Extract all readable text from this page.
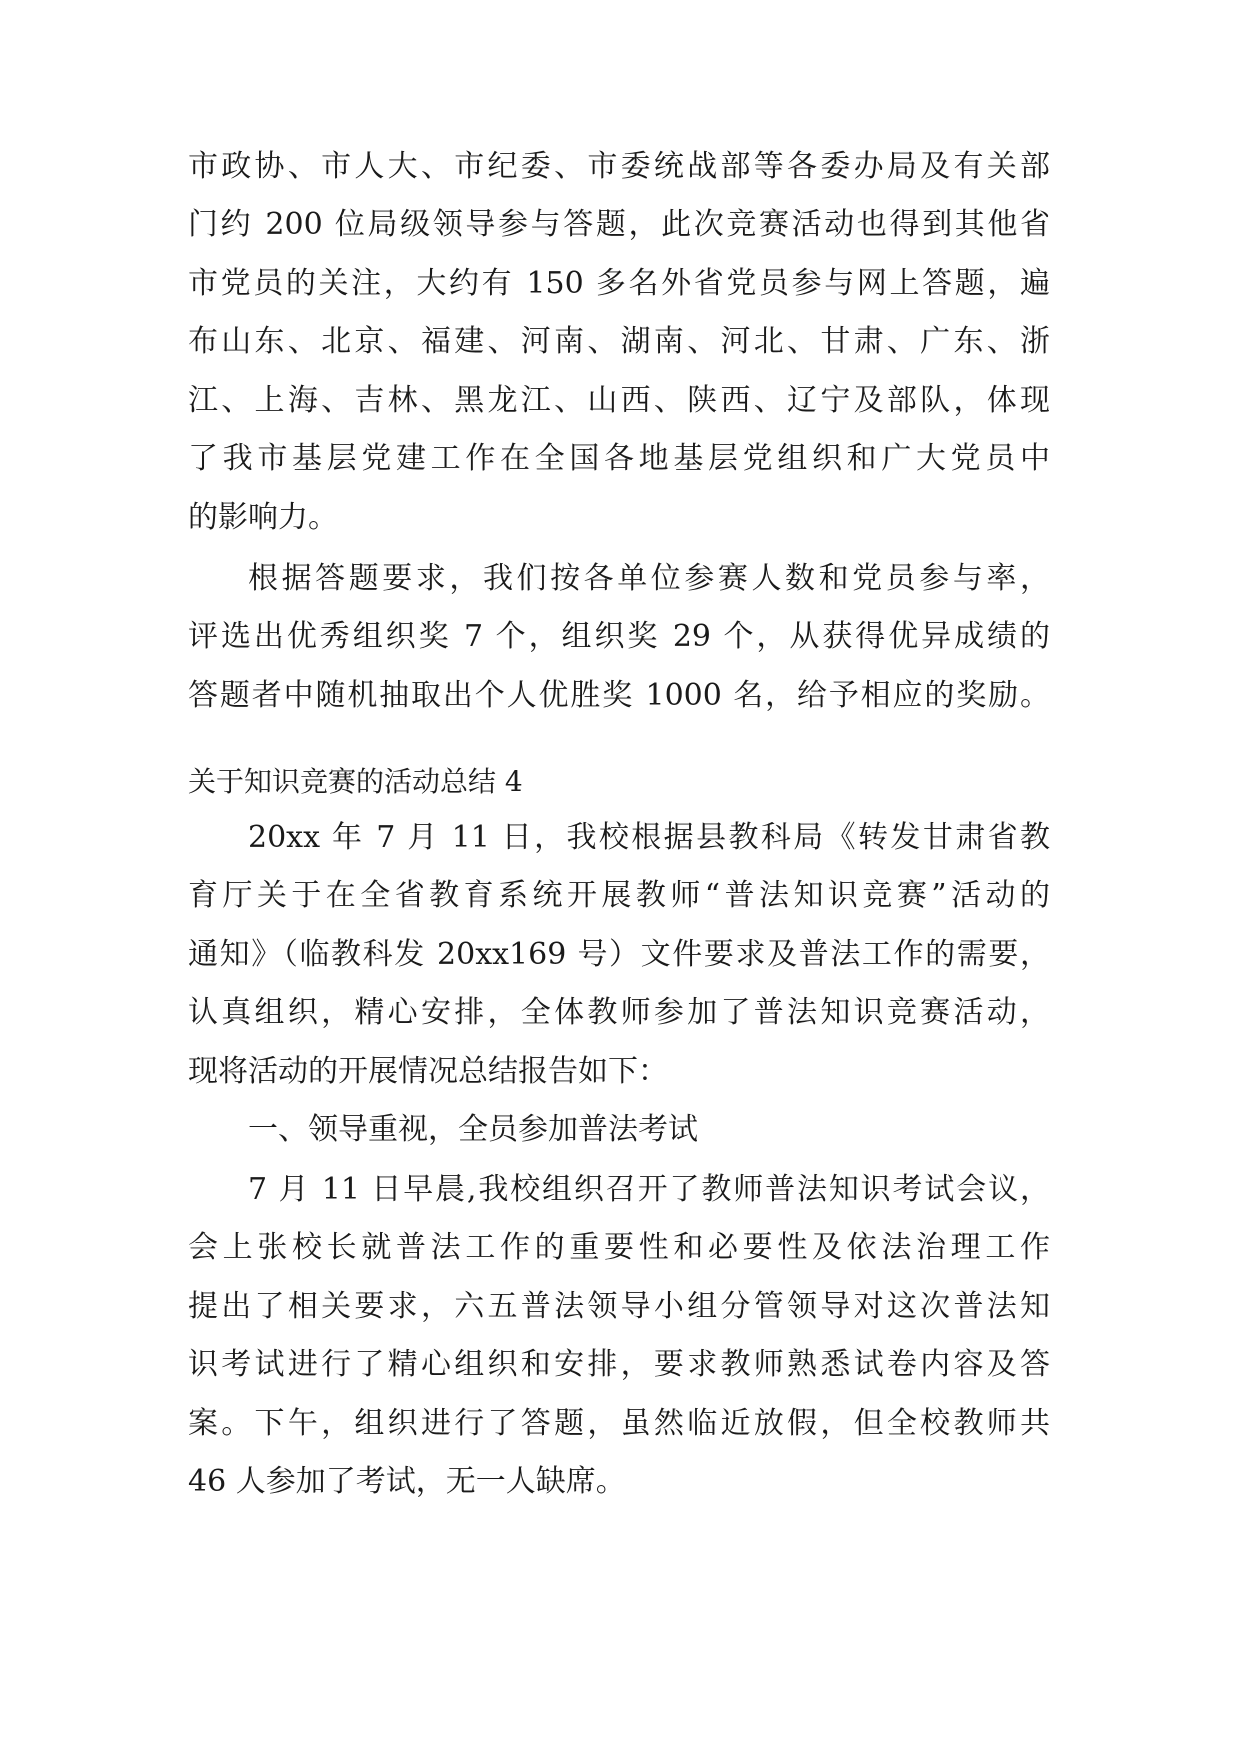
市政协、市人大、市纪委、市委统战部等各委办局及有关部
门约 200 位局级领导参与答题，此次竞赛活动也得到其他省
市党员的关注，大约有 150 多名外省党员参与网上答题，遍
布山东、北京、福建、河南、湖南、河北、甘肃、广东、浙
江、上海、吉林、黑龙江、山西、陕西、辽宁及部队，体现
了我市基层党建工作在全国各地基层党组织和广大党员中
的影响力。
根据答题要求，我们按各单位参赛人数和党员参与率，
评选出优秀组织奖 7 个，组织奖 29 个，从获得优异成绩的
答题者中随机抽取出个人优胜奖 1000 名，给予相应的奖励。
关于知识竞赛的活动总结 4
20xx 年 7 月 11 日，我校根据县教科局《转发甘肃省教
育厅关于在全省教育系统开展教师“普法知识竞赛”活动的
通知》（临教科发 20xx169 号）文件要求及普法工作的需要，
认真组织，精心安排，全体教师参加了普法知识竞赛活动，
现将活动的开展情况总结报告如下：
一、领导重视，全员参加普法考试
7 月 11 日早晨,我校组织召开了教师普法知识考试会议，
会上张校长就普法工作的重要性和必要性及依法治理工作
提出了相关要求，六五普法领导小组分管领导对这次普法知
识考试进行了精心组织和安排，要求教师熟悉试卷内容及答
案。下午，组织进行了答题，虽然临近放假，但全校教师共
46 人参加了考试，无一人缺席。
